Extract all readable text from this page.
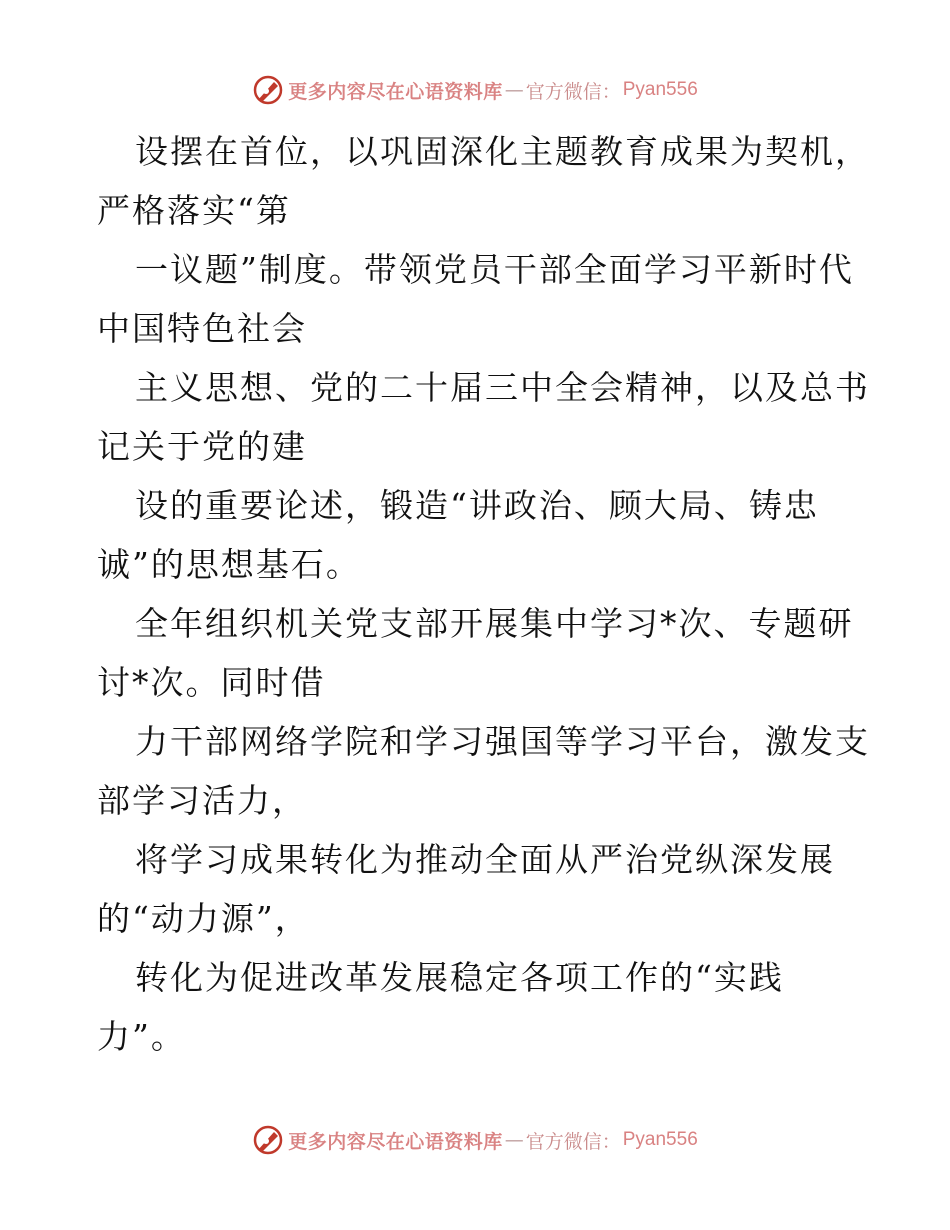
更多内容尽在心语资料库 — 官方微信： Pyan556
设摆在首位，以巩固深化主题教育成果为契机，
严格落实“第
一议题”制度。带领党员干部全面学习平新时代
中国特色社会
主义思想、党的二十届三中全会精神，以及总书
记关于党的建
设的重要论述，锻造“讲政治、顾大局、铸忠
诚”的思想基石。
全年组织机关党支部开展集中学习*次、专题研
讨*次。同时借
力干部网络学院和学习强国等学习平台，激发支
部学习活力，
将学习成果转化为推动全面从严治党纵深发展
的“动力源”，
转化为促进改革发展稳定各项工作的“实践
力”。
更多内容尽在心语资料库 — 官方微信： Pyan556
